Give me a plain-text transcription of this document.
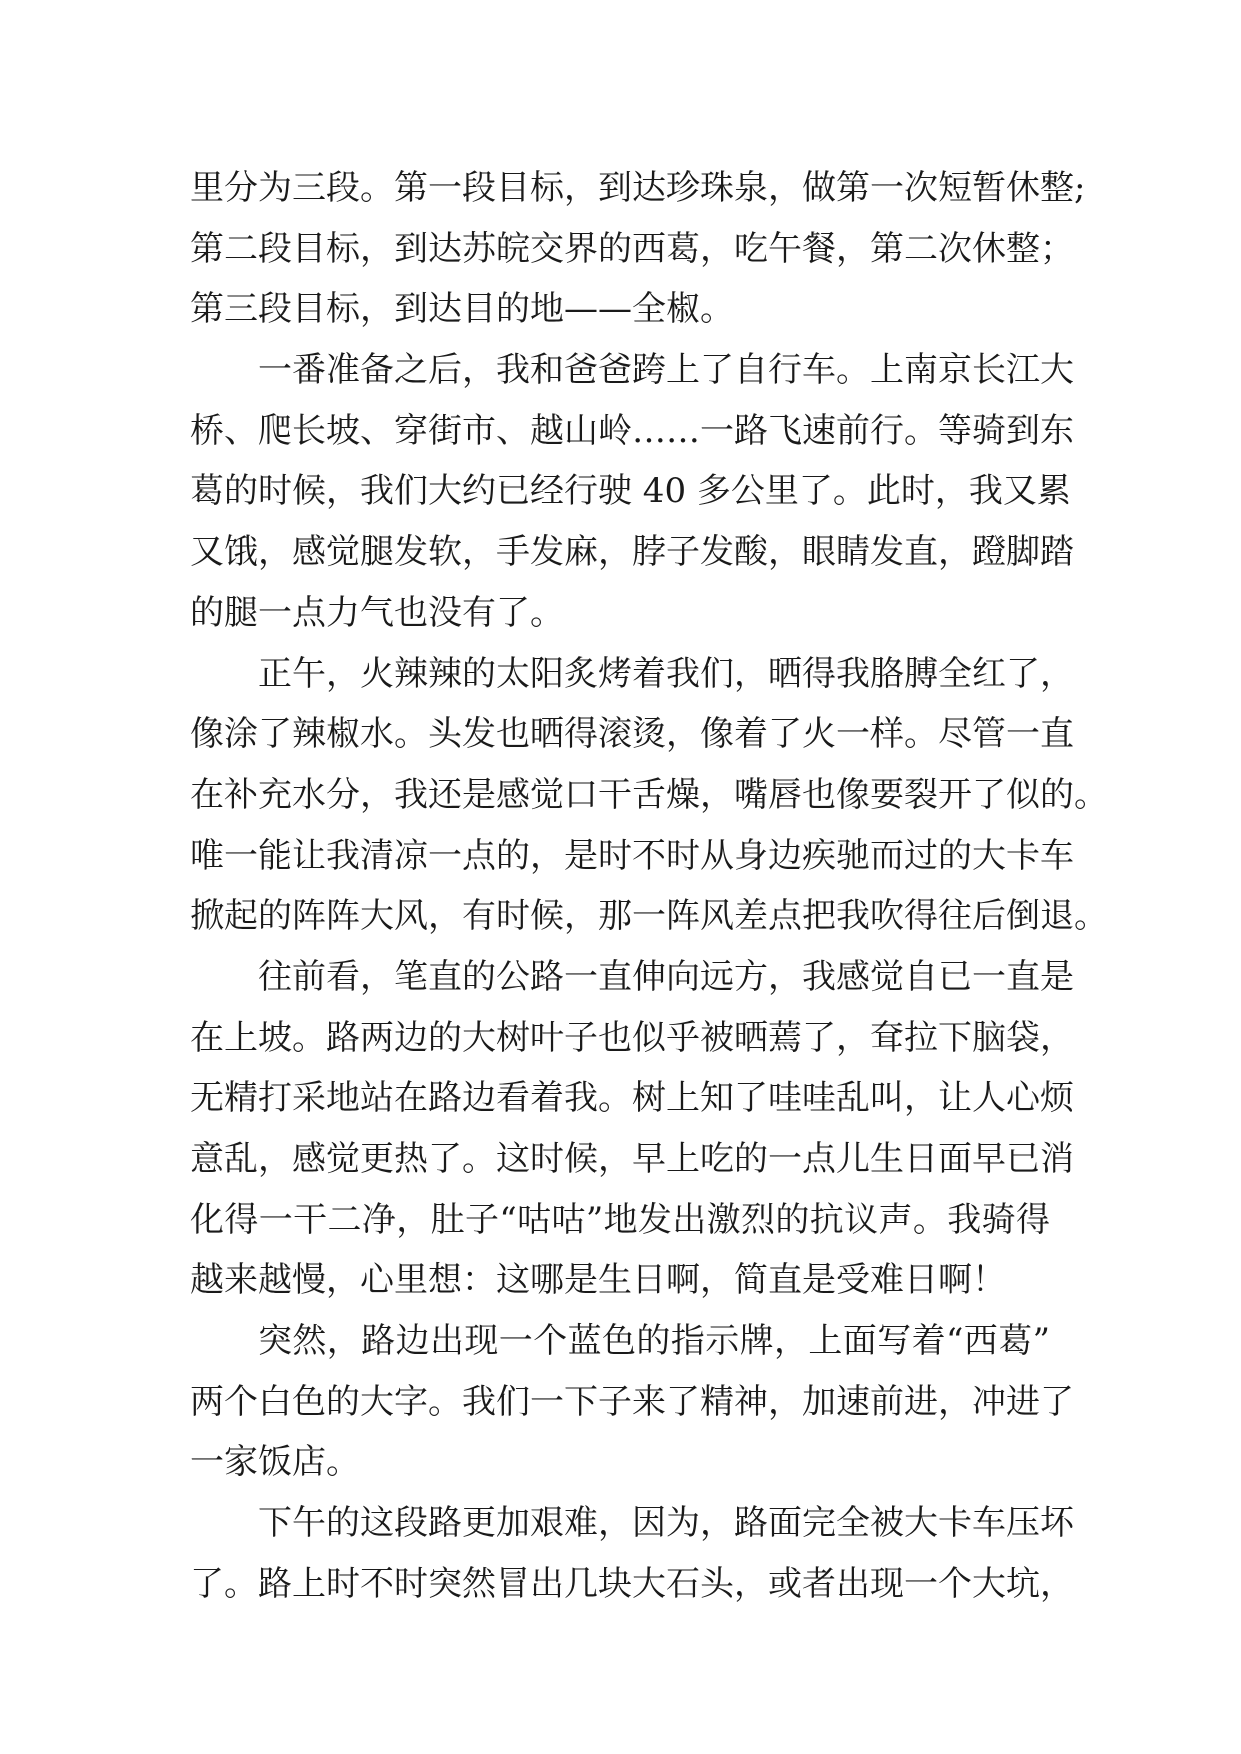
里分为三段。第一段目标，到达珍珠泉，做第一次短暂休整;
第二段目标，到达苏皖交界的西葛，吃午餐，第二次休整；
第三段目标，到达目的地——全椒。
一番准备之后，我和爸爸跨上了自行车。上南京长江大
桥、爬长坡、穿街市、越山岭……一路飞速前行。等骑到东
葛的时候，我们大约已经行驶 40 多公里了。此时，我又累
又饿，感觉腿发软，手发麻，脖子发酸，眼睛发直，蹬脚踏
的腿一点力气也没有了。
正午，火辣辣的太阳炙烤着我们，晒得我胳膊全红了，
像涂了辣椒水。头发也晒得滚烫，像着了火一样。尽管一直
在补充水分，我还是感觉口干舌燥，嘴唇也像要裂开了似的。
唯一能让我清凉一点的，是时不时从身边疾驰而过的大卡车
掀起的阵阵大风，有时候，那一阵风差点把我吹得往后倒退。
往前看，笔直的公路一直伸向远方，我感觉自已一直是
在上坡。路两边的大树叶子也似乎被晒蔫了，耷拉下脑袋，
无精打采地站在路边看着我。树上知了哇哇乱叫，让人心烦
意乱，感觉更热了。这时候，早上吃的一点儿生日面早已消
化得一干二净，肚子“咕咕”地发出激烈的抗议声。我骑得
越来越慢，心里想：这哪是生日啊，简直是受难日啊！
突然，路边出现一个蓝色的指示牌，上面写着“西葛”
两个白色的大字。我们一下子来了精神，加速前进，冲进了
一家饭店。
下午的这段路更加艰难，因为，路面完全被大卡车压坏
了。路上时不时突然冒出几块大石头，或者出现一个大坑，
